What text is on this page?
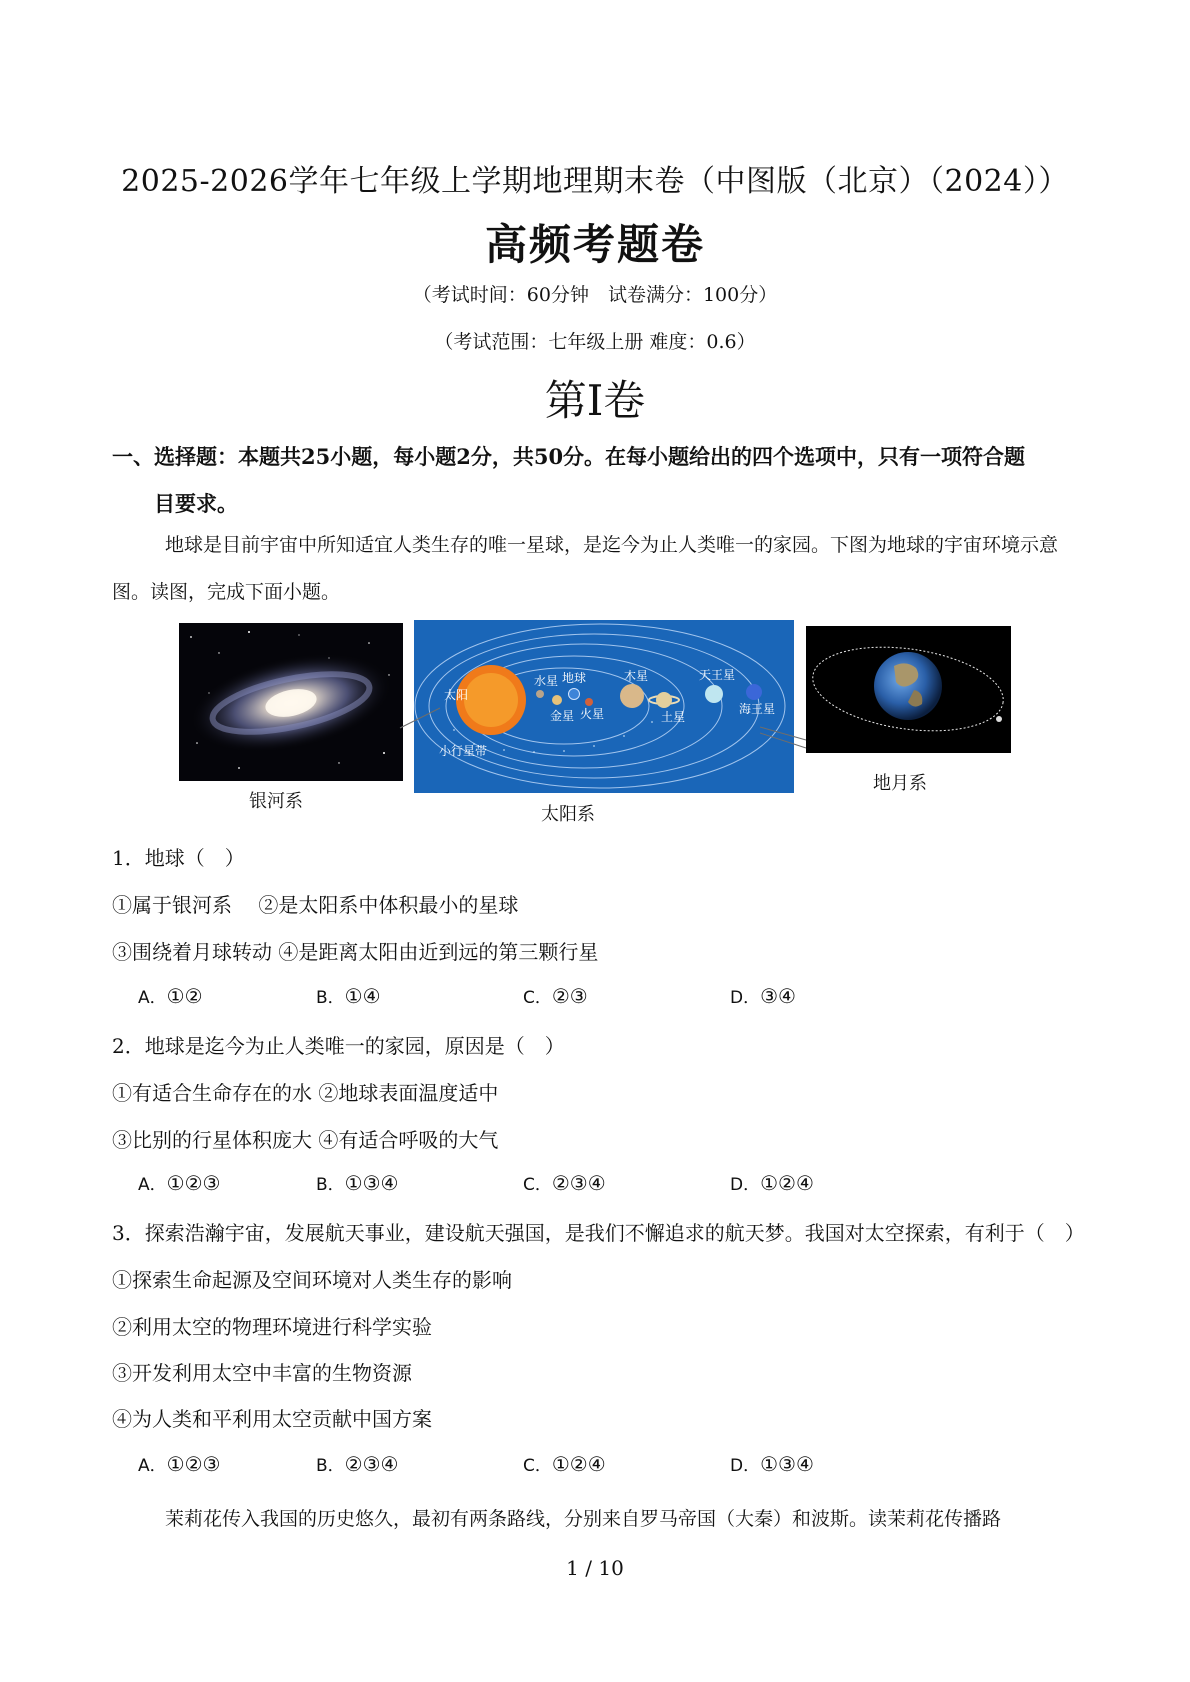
2025-2026学年七年级上学期地理期末卷（中图版（北京）（2024））
高频考题卷
（考试时间：60分钟　试卷满分：100分）
（考试范围：七年级上册 难度：0.6）
第I卷
一、选择题：本题共25小题，每小题2分，共50分。在每小题给出的四个选项中，只有一项符合题
目要求。
地球是目前宇宙中所知适宜人类生存的唯一星球，是迄今为止人类唯一的家园。下图为地球的宇宙环境示意图。读图，完成下面小题。
银河系
太阳
水星 地球
金星 火星
木星
土星
天王星
海王星
小行星带
太阳系
地月系
1．地球（　）
①属于银河系　 ②是太阳系中体积最小的星球
③围绕着月球转动 ④是距离太阳由近到远的第三颗行星
A．①②	B．①④	C．②③	D．③④
2．地球是迄今为止人类唯一的家园，原因是（　）
①有适合生命存在的水 ②地球表面温度适中
③比别的行星体积庞大 ④有适合呼吸的大气
A．①②③	B．①③④	C．②③④	D．①②④
3．探索浩瀚宇宙，发展航天事业，建设航天强国，是我们不懈追求的航天梦。我国对太空探索，有利于（　）
①探索生命起源及空间环境对人类生存的影响
②利用太空的物理环境进行科学实验
③开发利用太空中丰富的生物资源
④为人类和平利用太空贡献中国方案
A．①②③	B．②③④	C．①②④	D．①③④
茉莉花传入我国的历史悠久，最初有两条路线，分别来自罗马帝国（大秦）和波斯。读茉莉花传播路
1 / 10
